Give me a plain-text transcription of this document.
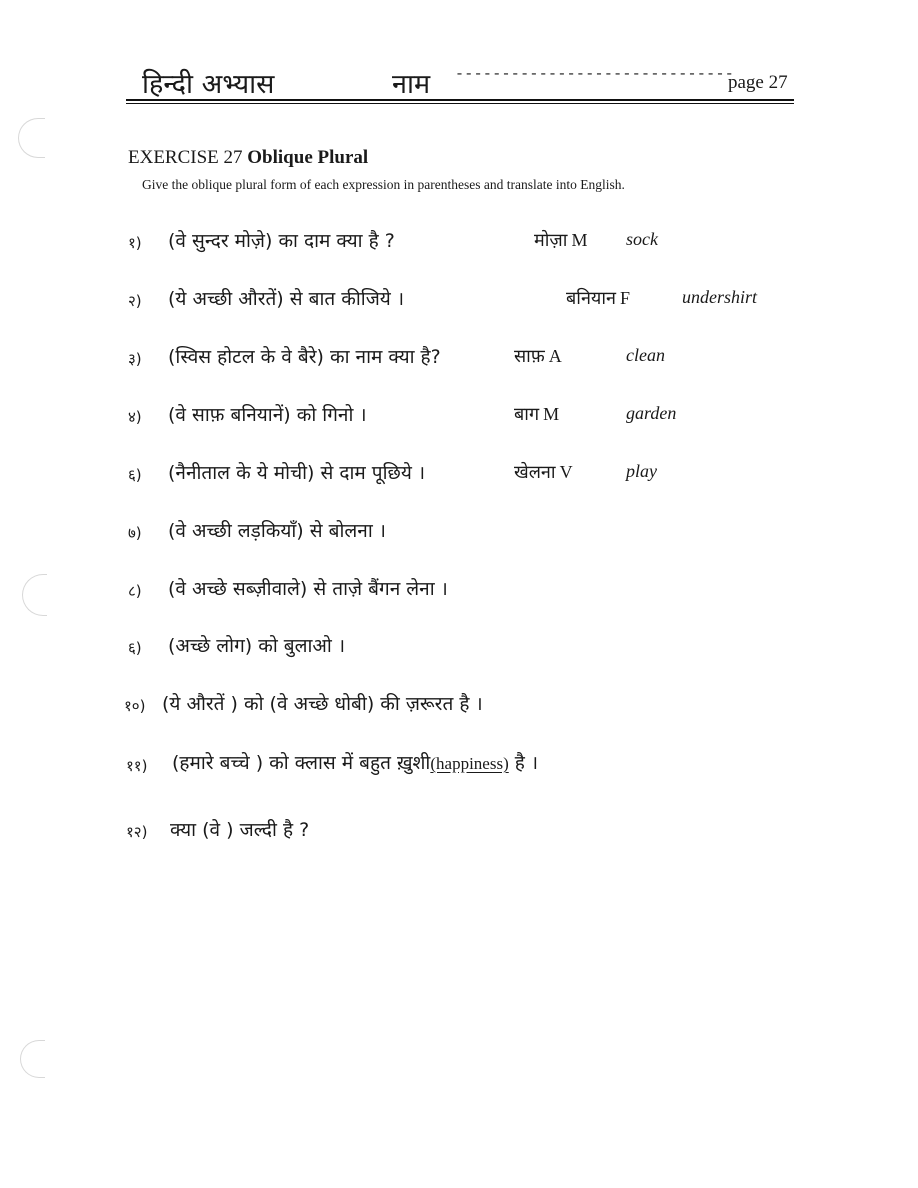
हिन्दी अभ्यास	नाम ------------------------------
page 27
EXERCISE 27 Oblique Plural
Give the oblique plural form of each expression in parentheses and translate into English.
१) (वे सुन्दर मोज़े) का दाम क्या है ?	मोज़ा M sock
२) (ये अच्छी औरतें) से बात कीजिये ।	बनियान F	undershirt
३) (स्विस होटल के वे बैरे) का नाम क्या है?	साफ़ A	clean
४) (वे साफ़ बनियानें) को गिनो ।	बाग M	garden
६) (नैनीताल के ये मोची) से दाम पूछिये ।	खेलना V	play
७) (वे अच्छी लड़कियाँ) से बोलना ।
८) (वे अच्छे सब्ज़ीवाले) से ताज़े बैंगन लेना ।
६) (अच्छे लोग) को बुलाओ ।
१०) (ये औरतें ) को (वे अच्छे धोबी) की ज़रूरत है ।
११) (हमारे बच्चे ) को क्लास में बहुत ख़ुशी(happiness) है ।
१२) क्या (वे ) जल्दी है ?
